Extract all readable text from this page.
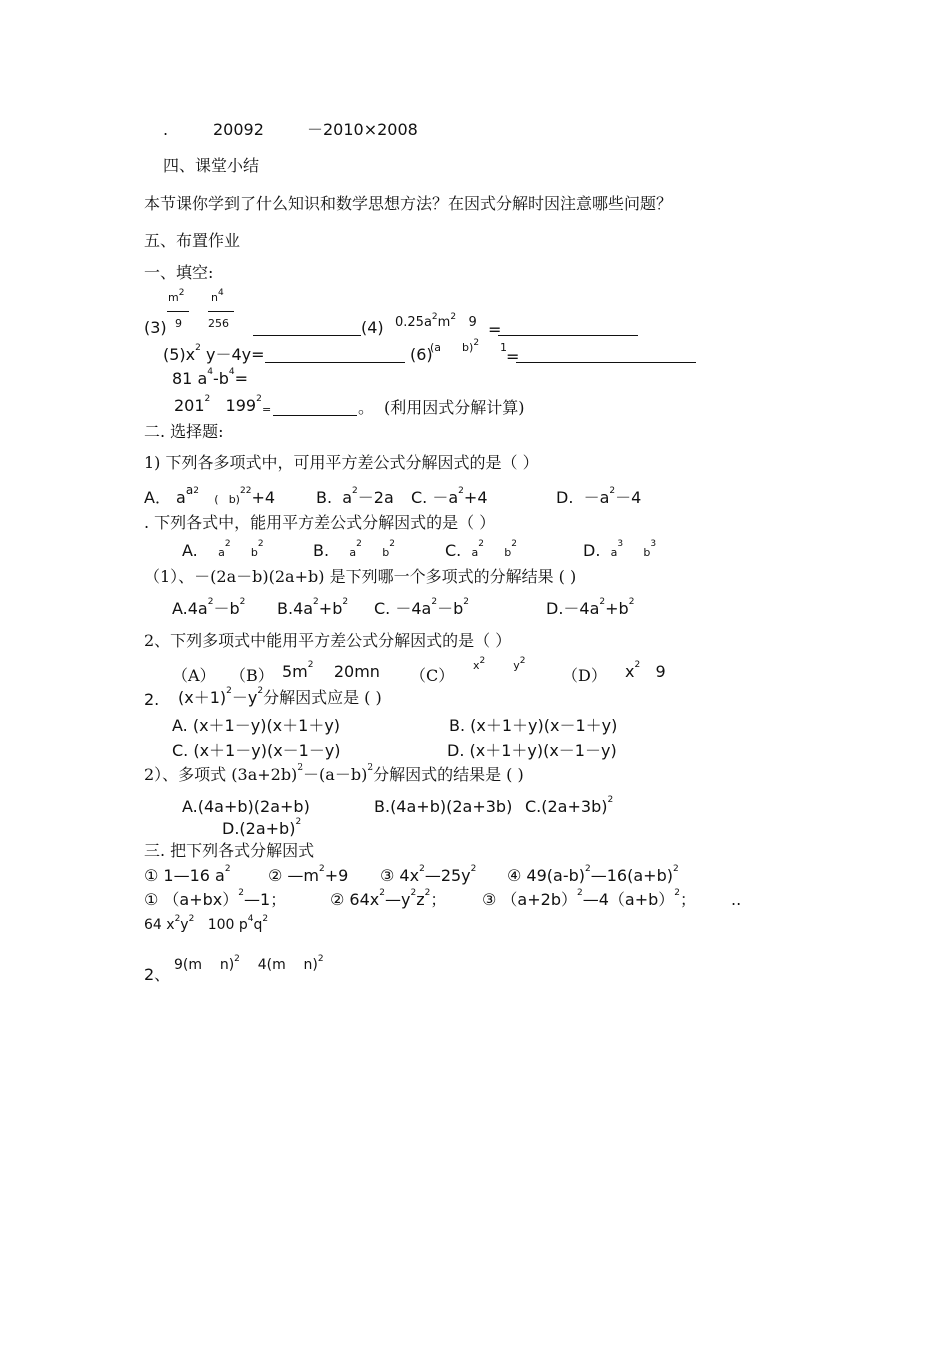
.	20092	－2010×2008
四、课堂小结
本节课你学到了什么知识和数学思想方法？在因式分解时因注意哪些问题？
五、布置作业
一、填空:
$m^2$
9
$n^4$
256
(3)	(4) $0.25a^2m^2$ 9 =
$(5)x^2$ y－4y=	(6)
(a b)$^2$ 1
=
81 $a^4-b^4=$
$201^2$ $199^2$
=	。 (利用因式分解计算)
二. 选择题:
1) 下列各多项式中，可用平方差公式分解因式的是（ ）
A． $a^{a2}$   ( b)$^{22}$+4	B. $a^2-2a$ C. $-a^2+4$	D. $-a^2-4$
. 下列各式中，能用平方差公式分解因式的是（ ）
A. $a^2$    $b^2$	B. $a^2$    $b^2$	C. $a^2$    $b^2$	D. $a^3$    $b^3$
（1）、－(2a－b)(2a+b) 是下列哪一个多项式的分解结果 ( )
$A.4a^2-b^2$ $B.4a^2+b^2$ C. $-4a^2-b^2$	$D.-4a^2+b^2$
2、下列多项式中能用平方差公式分解因式的是（ ）
（A） （B） $5m^2$ 20mn （C）
$x^2$	$y^2$
（D） $x^2$ 9
2. $(x+1)^2-y^2$分解因式应是 ( )
A. (x＋1－y)(x＋1＋y)	B. (x＋1＋y)(x－1＋y)
C. (x＋1－y)(x－1－y)	D. (x＋1＋y)(x－1－y)
2）、多项式 $(3a+2b)^2-(a-b)^2$分解因式的结果是 ( )
A.(4a+b)(2a+b)	B.(4a+b)(2a+3b) $C.(2a+3b)^2$
$D.(2a+b)^2$
三. 把下列各式分解因式
① 1—16 $a^2$ ② $—m^2+9$ ③ $4x^2—25y^2$ ④ $49(a-b)^2—16(a+b)^2$
① $(a+bx)^2—1$；	② $64x^2—y^2z^2$； ③ $(a+2b)^2—4(a+b)^2$； ..
64 $x^2y^2$ 100 $p^4q^2$
2、 9(m n)$^2$ 4(m n)$^2$
